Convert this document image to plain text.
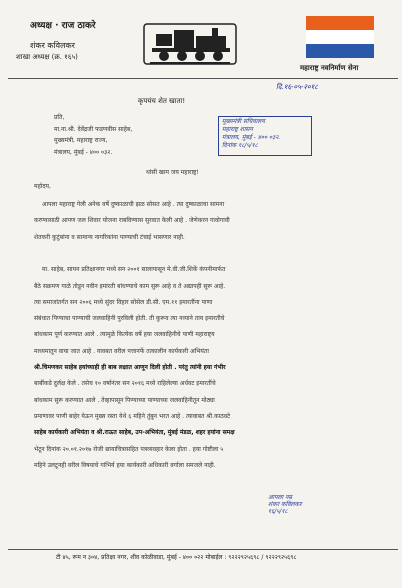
अध्यक्ष · राज ठाकरे
शंकर कविलकर
शाखा अध्यक्ष (क्र. १६५)
महाराष्ट्र नवनिर्माण सेना
दि.१६-०५-२०१८
कृपयंच शेत खाता!
प्रति,
मा.ना.श्री. देवेंद्रजी फडणवीस साहेब,
मुख्यमंत्री, महाराष्ट्र राज्य,
मंत्रालय, मुंबई - ४०० ०३२.
मुख्यमंत्री सचिवालय
महाराष्ट्र शासन
मंत्रालय, मुंबई - ४०० ०३२.
दिनांक १८/५/१८
थांसी खाम जय महाराष्ट्र!
महोदय,
आपला महाराष्ट्र गेली अनेक वर्षे दुष्काळाची झळ सोसत आहे . त्या दुष्काळाचा सामना
करण्यासाठी आपण जल शिवार योजना राबविण्यास सुरवात केली आहे . जेणेकरन गावोगावी
शेतकरी कुटुंबांना व सामान्य नागरिकांना पाण्याची टंचाई भासणार नाही.
मा. साहेब, सायन प्रतिक्षानगर मध्ये सन २००१ सालापासून मे.वी.जी.शिर्के कंपनीमार्फत
बैठे सक्रमण गाळे तोडून नवीन इमारती बांधण्याचे काम सुरू आहे व ते अद्यापही सुरू आहे.
त्या समाजांतर्गत सन २००६ मध्ये सुंदर विहार सोसेल डी.सी. एम.११ इमारतींना पाणा
संबंधात पिण्याचा पाण्याची जलवाहिनी पुरविली होती. ती कुरूव त्या नव्याने ताय इमारतीचे
बांधकाम पूर्ण करण्यात आले . त्यामुळे कित्येक वर्षे हया जलवाहिनीचे पाणी महाराष्ट्य
माध्यमातून वाया जात आहे . यावबत वरील पत्तानर्फे तत्कालीन कार्यकारी अभियंता
श्री.चिमणकर साहेब हयांच्याही ही बाब लक्षात आणून दिली होती . परंतु त्यांनी हया गंभीर
बाबींकडे दुर्लक्ष केले . तसेच १० वर्षानंतर सन २०१६ मध्ये राहिलेल्या अर्धवट इमारतींचे
बांधकाम सुरू करण्यात आले . तेव्हापासून पिण्याच्या पाण्याच्या जलवाहिनीतून मोठ्या
प्रमाणावर पाणी बाहेर येऊन मुख्य रस्ता येथे ६ महिने तुंबुन भरत आहे . त्यावाबत श्री.काठवटे
साहेब कार्यकारी अभियंता व श्री.राऊत साहेब, उप-अभियंता, मुंबई मंडळ, शहर हयांना समक्ष
भेटून दिनांक २०.०१.२०१७ रोजी छायाचित्रासहित पत्रव्यवहार केला होता . हया गोष्टीला ५
महिने उलटूनही वरील विषयाचे गांभिर्य हया कार्यकारी अधिकारी वर्गाला समजले नाही.
आपला नम्र
शंकर कविलकर
१६/५/१८
टी ४५, रूम न ३०४, प्रतिक्षा नगर, शीव कोळीवाडा, मुंबई - ४०० ०२२ मोबाईल : ९२२२९२५६९८ / ९२२२९२५६९८
